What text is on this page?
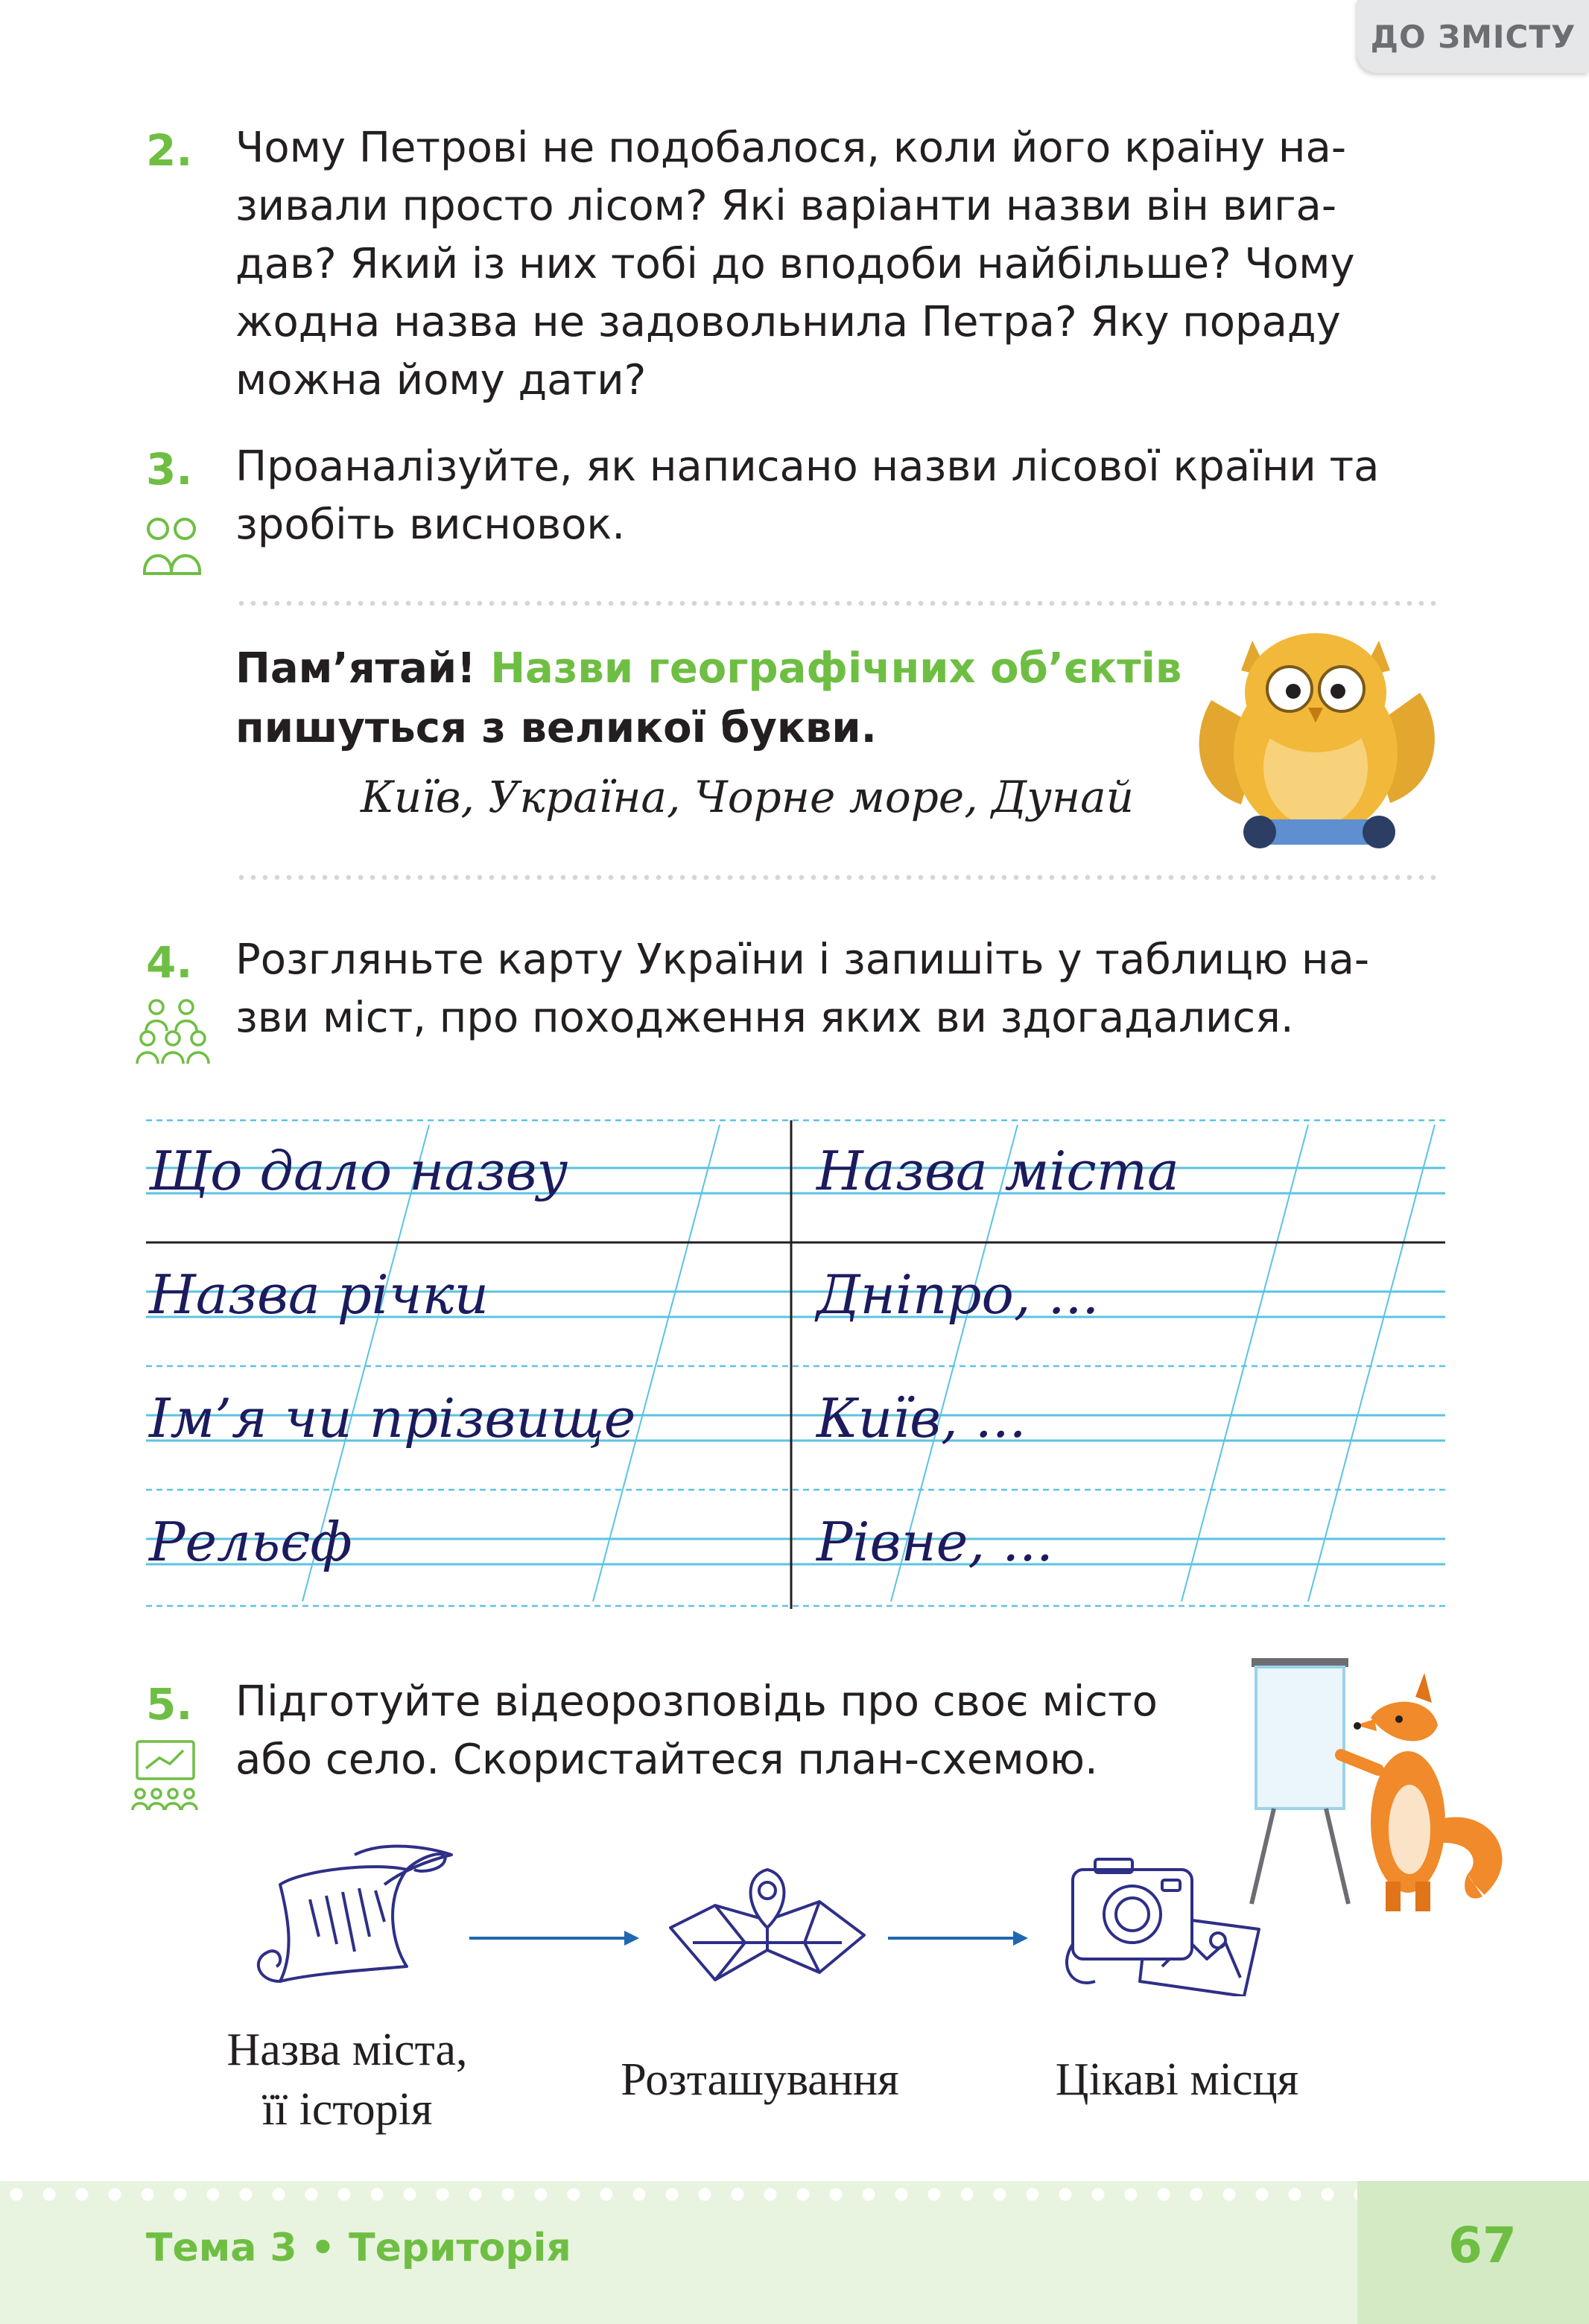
ДО ЗМІСТУ
2. Чому Петрові не подобалося, коли його країну на-
зивали просто лісом? Які варіанти назви він вига-
дав? Який із них тобі до вподоби найбільше? Чому
жодна назва не задовольнила Петра? Яку пораду
можна йому дати?
3. Проаналізуйте, як написано назви лісової країни та
зробіть висновок.
Пам’ятай! Назви географічних об’єктів
пишуться з великої букви.
Київ, Україна, Чорне море, Дунай
4. Розгляньте карту України і запишіть у таблицю на-
зви міст, про походження яких ви здогадалися.
Що дало назву	Назва міста
Назва річки	Дніпро, ...
Ім’я чи прізвище	Київ, ...
Рельєф	Рівне, ...
5. Підготуйте відеорозповідь про своє місто
або село. Скористайтеся план-схемою.
Назва міста,
її історія
Розташування	Цікаві місця
Тема 3 • Територія	67
